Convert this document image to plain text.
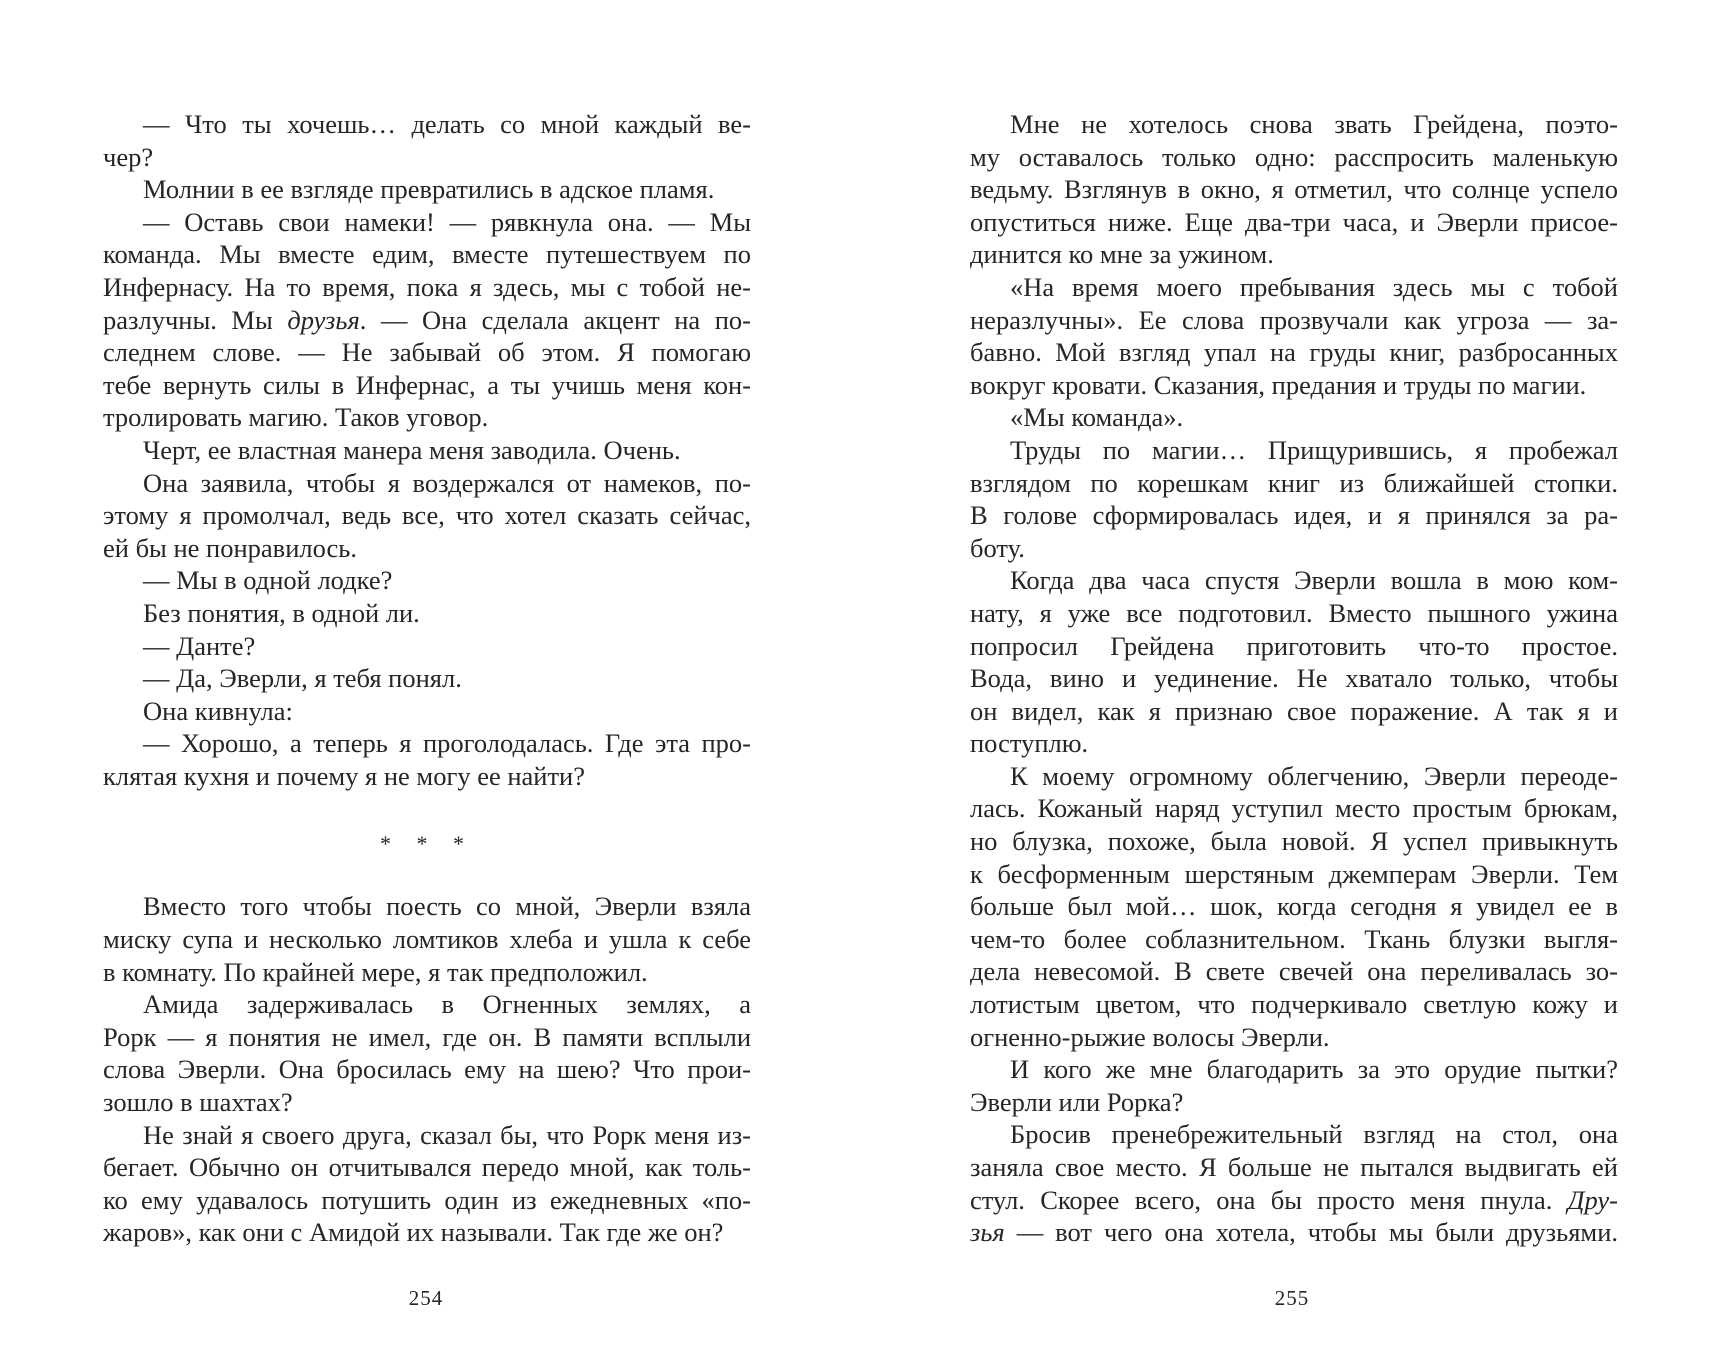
— Что ты хочешь… делать со мной каждый ве-
чер?
Молнии в ее взгляде превратились в адское пламя.
— Оставь свои намеки! — рявкнула она. — Мы
команда. Мы вместе едим, вместе путешествуем по
Инфернасу. На то время, пока я здесь, мы с тобой не-
разлучны. Мы друзья. — Она сделала акцент на по-
следнем слове. — Не забывай об этом. Я помогаю
тебе вернуть силы в Инфернас, а ты учишь меня кон-
тролировать магию. Таков уговор.
Черт, ее властная манера меня заводила. Очень.
Она заявила, чтобы я воздержался от намеков, по-
этому я промолчал, ведь все, что хотел сказать сейчас,
ей бы не понравилось.
— Мы в одной лодке?
Без понятия, в одной ли.
— Данте?
— Да, Эверли, я тебя понял.
Она кивнула:
— Хорошо, а теперь я проголодалась. Где эта про-
клятая кухня и почему я не могу ее найти?
* * *
Вместо того чтобы поесть со мной, Эверли взяла
миску супа и несколько ломтиков хлеба и ушла к себе
в комнату. По крайней мере, я так предположил.
Амида задерживалась в Огненных землях, а
Рорк — я понятия не имел, где он. В памяти всплыли
слова Эверли. Она бросилась ему на шею? Что прои-
зошло в шахтах?
Не знай я своего друга, сказал бы, что Рорк меня из-
бегает. Обычно он отчитывался передо мной, как толь-
ко ему удавалось потушить один из ежедневных «по-
жаров», как они с Амидой их называли. Так где же он?
254
Мне не хотелось снова звать Грейдена, поэто-
му оставалось только одно: расспросить маленькую
ведьму. Взглянув в окно, я отметил, что солнце успело
опуститься ниже. Еще два-три часа, и Эверли присое-
динится ко мне за ужином.
«На время моего пребывания здесь мы с тобой
неразлучны». Ее слова прозвучали как угроза — за-
бавно. Мой взгляд упал на груды книг, разбросанных
вокруг кровати. Сказания, предания и труды по магии.
«Мы команда».
Труды по магии… Прищурившись, я пробежал
взглядом по корешкам книг из ближайшей стопки.
В голове сформировалась идея, и я принялся за ра-
боту.
Когда два часа спустя Эверли вошла в мою ком-
нату, я уже все подготовил. Вместо пышного ужина
попросил Грейдена приготовить что-то простое.
Вода, вино и уединение. Не хватало только, чтобы
он видел, как я признаю свое поражение. А так я и
поступлю.
К моему огромному облегчению, Эверли переоде-
лась. Кожаный наряд уступил место простым брюкам,
но блузка, похоже, была новой. Я успел привыкнуть
к бесформенным шерстяным джемперам Эверли. Тем
больше был мой… шок, когда сегодня я увидел ее в
чем-то более соблазнительном. Ткань блузки выгля-
дела невесомой. В свете свечей она переливалась зо-
лотистым цветом, что подчеркивало светлую кожу и
огненно-рыжие волосы Эверли.
И кого же мне благодарить за это орудие пытки?
Эверли или Рорка?
Бросив пренебрежительный взгляд на стол, она
заняла свое место. Я больше не пытался выдвигать ей
стул. Скорее всего, она бы просто меня пнула. Дру-
зья — вот чего она хотела, чтобы мы были друзьями.
255
